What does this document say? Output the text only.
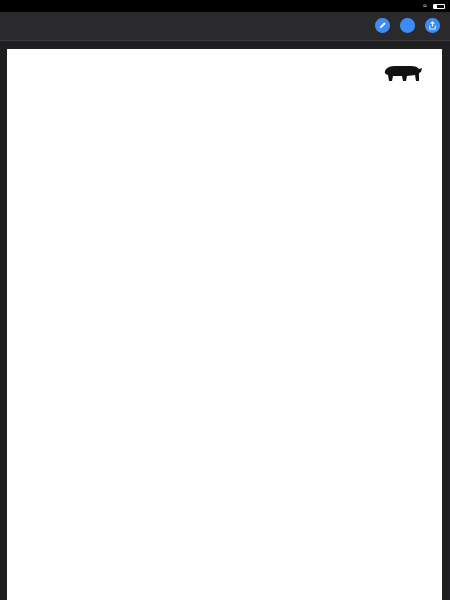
≈
